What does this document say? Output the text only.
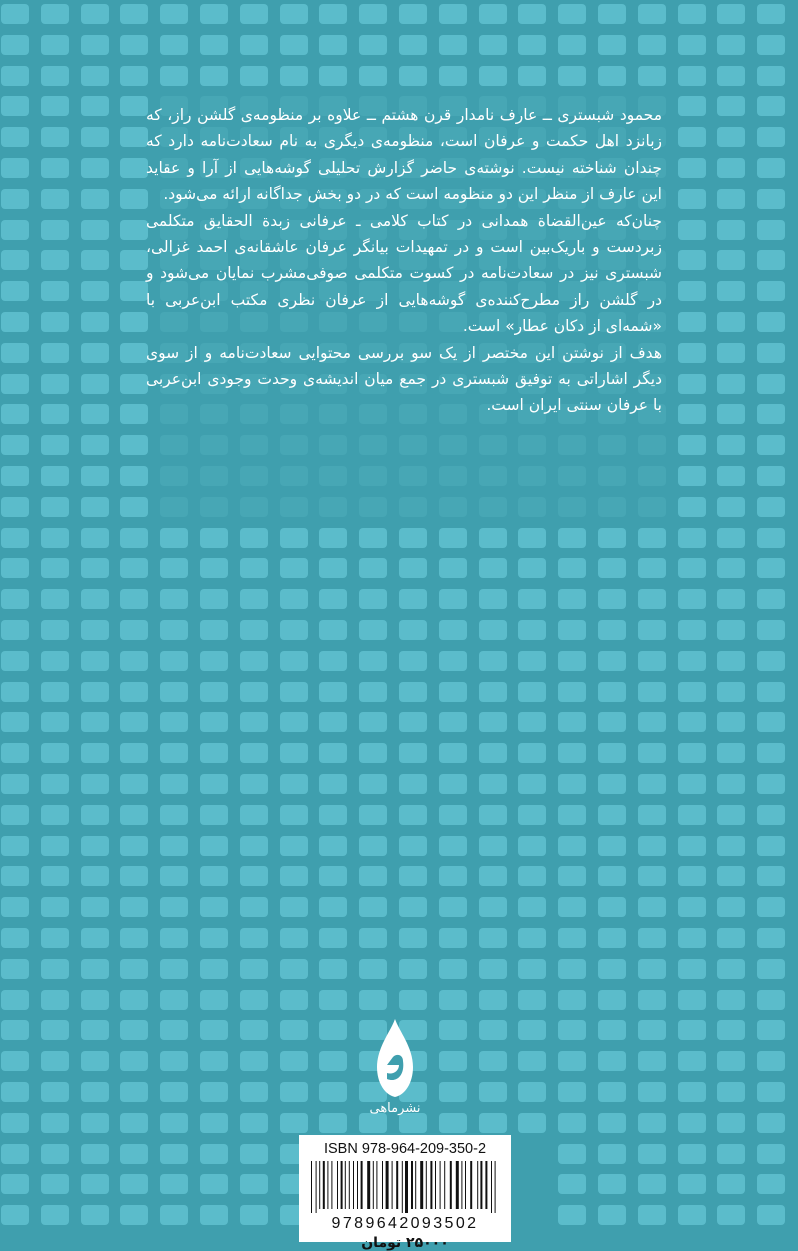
محمود شبستری ــ عارف نامدار قرن هشتم ــ علاوه بر منظومه‌ی گلشن راز، که زبانزد اهل حکمت و عرفان است، منظومه‌ی دیگری به نام سعادت‌نامه دارد که چندان شناخته نیست. نوشته‌ی حاضر گزارش تحلیلی گوشه‌هایی از آرا و عقاید این عارف از منظر این دو منظومه است که در دو بخش جداگانه ارائه می‌شود.

چنان‌که عین‌القضاة همدانی در کتاب کلامی ـ عرفانی زبدة الحقایق متکلمی زبردست و باریک‌بین است و در تمهیدات بیانگر عرفان عاشقانه‌ی احمد غزالی، شبستری نیز در سعادت‌نامه در کسوت متکلمی صوفی‌مشرب نمایان می‌شود و در گلشن راز مطرح‌کننده‌ی گوشه‌هایی از عرفان نظری مکتب ابن‌عربی با «شمه‌ای از دکان عطار» است.

هدف از نوشتن این مختصر از یک سو بررسی محتوایی سعادت‌نامه و از سوی دیگر اشاراتی به توفیق شبستری در جمع میان اندیشه‌ی وحدت وجودی ابن‌عربی با عرفان سنتی ایران است.

نشرماهی
ISBN 978-964-209-350-2
9789642093502
۲۵۰۰۰ تومان
